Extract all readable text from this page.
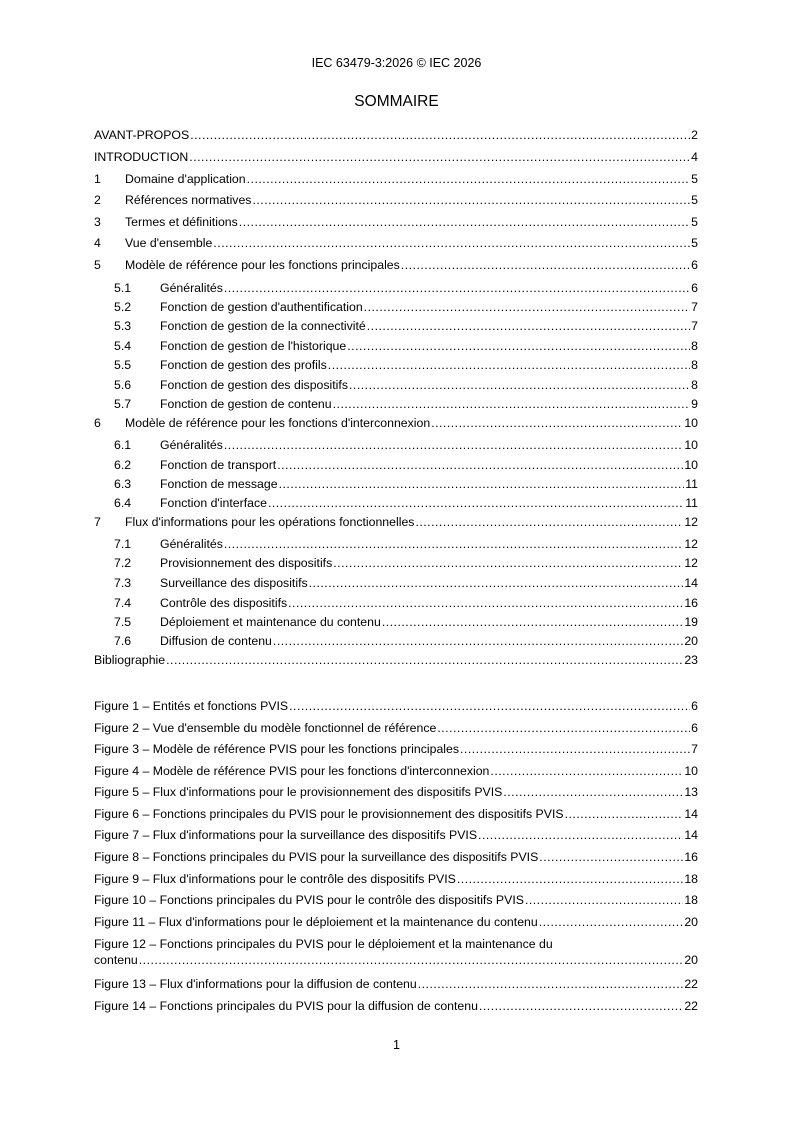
IEC 63479-3:2026 © IEC 2026
SOMMAIRE
AVANT-PROPOS .....	2
INTRODUCTION .....	4
1	Domaine d'application .....	5
2	Références normatives .....	5
3	Termes et définitions .....	5
4	Vue d'ensemble .....	5
5	Modèle de référence pour les fonctions principales .....	6
5.1	Généralités .....	6
5.2	Fonction de gestion d'authentification .....	7
5.3	Fonction de gestion de la connectivité .....	7
5.4	Fonction de gestion de l'historique .....	8
5.5	Fonction de gestion des profils .....	8
5.6	Fonction de gestion des dispositifs .....	8
5.7	Fonction de gestion de contenu .....	9
6	Modèle de référence pour les fonctions d'interconnexion .....	10
6.1	Généralités .....	10
6.2	Fonction de transport .....	10
6.3	Fonction de message .....	11
6.4	Fonction d'interface .....	11
7	Flux d'informations pour les opérations fonctionnelles .....	12
7.1	Généralités .....	12
7.2	Provisionnement des dispositifs .....	12
7.3	Surveillance des dispositifs .....	14
7.4	Contrôle des dispositifs .....	16
7.5	Déploiement et maintenance du contenu .....	19
7.6	Diffusion de contenu .....	20
Bibliographie .....	23
Figure 1 – Entités et fonctions PVIS .....	6
Figure 2 – Vue d'ensemble du modèle fonctionnel de référence .....	6
Figure 3 – Modèle de référence PVIS pour les fonctions principales .....	7
Figure 4 – Modèle de référence PVIS pour les fonctions d'interconnexion .....	10
Figure 5 – Flux d'informations pour le provisionnement des dispositifs PVIS .....	13
Figure 6 – Fonctions principales du PVIS pour le provisionnement des dispositifs PVIS .....	14
Figure 7 – Flux d'informations pour la surveillance des dispositifs PVIS .....	14
Figure 8 – Fonctions principales du PVIS pour la surveillance des dispositifs PVIS .....	16
Figure 9 – Flux d'informations pour le contrôle des dispositifs PVIS .....	18
Figure 10 – Fonctions principales du PVIS pour le contrôle des dispositifs PVIS .....	18
Figure 11 – Flux d'informations pour le déploiement et la maintenance du contenu .....	20
Figure 12 – Fonctions principales du PVIS pour le déploiement et la maintenance du
contenu .....	20
Figure 13 – Flux d'informations pour la diffusion de contenu .....	22
Figure 14 – Fonctions principales du PVIS pour la diffusion de contenu .....	22
1
